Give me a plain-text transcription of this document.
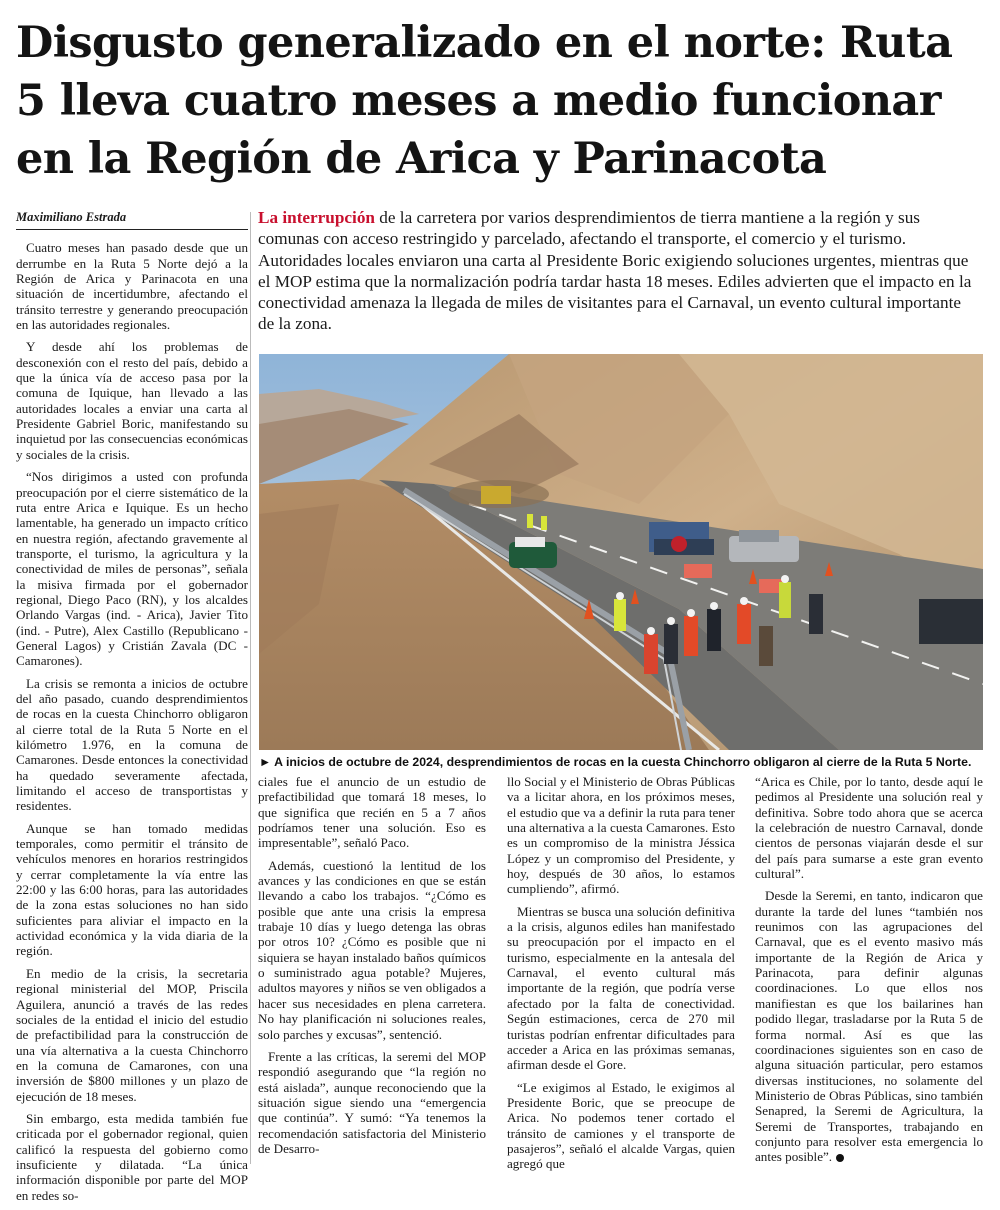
Disgusto generalizado en el norte: Ruta 5 lleva cuatro meses a medio funcionar en la Región de Arica y Parinacota
Maximiliano Estrada

Cuatro meses han pasado desde que un derrumbe en la Ruta 5 Norte dejó a la Región de Arica y Parinacota en una situación de incertidumbre, afectando el tránsito terrestre y generando preocupación en las autoridades regionales.

Y desde ahí los problemas de desconexión con el resto del país, debido a que la única vía de acceso pasa por la comuna de Iquique, han llevado a las autoridades locales a enviar una carta al Presidente Gabriel Boric, manifestando su inquietud por las consecuencias económicas y sociales de la crisis.

“Nos dirigimos a usted con profunda preocupación por el cierre sistemático de la ruta entre Arica e Iquique. Es un hecho lamentable, ha generado un impacto crítico en nuestra región, afectando gravemente al transporte, el turismo, la agricultura y la conectividad de miles de personas”, señala la misiva firmada por el gobernador regional, Diego Paco (RN), y los alcaldes Orlando Vargas (ind. - Arica), Javier Tito (ind. - Putre), Alex Castillo (Republicano - General Lagos) y Cristián Zavala (DC - Camarones).

La crisis se remonta a inicios de octubre del año pasado, cuando desprendimientos de rocas en la cuesta Chinchorro obligaron al cierre total de la Ruta 5 Norte en el kilómetro 1.976, en la comuna de Camarones. Desde entonces la conectividad ha quedado severamente afectada, limitando el acceso de transportistas y residentes.

Aunque se han tomado medidas temporales, como permitir el tránsito de vehículos menores en horarios restringidos y cerrar completamente la vía entre las 22:00 y las 6:00 horas, para las autoridades de la zona estas soluciones no han sido suficientes para aliviar el impacto en la actividad económica y la vida diaria de la región.

En medio de la crisis, la secretaria regional ministerial del MOP, Priscila Aguilera, anunció a través de las redes sociales de la entidad el inicio del estudio de prefactibilidad para la construcción de una vía alternativa a la cuesta Chinchorro en la comuna de Camarones, con una inversión de $800 millones y un plazo de ejecución de 18 meses.

Sin embargo, esta medida también fue criticada por el gobernador regional, quien calificó la respuesta del gobierno como insuficiente y dilatada. “La única información disponible por parte del MOP en redes so-

La interrupción de la carretera por varios desprendimientos de tierra mantiene a la región y sus comunas con acceso restringido y parcelado, afectando el transporte, el comercio y el turismo. Autoridades locales enviaron una carta al Presidente Boric exigiendo soluciones urgentes, mientras que el MOP estima que la normalización podría tardar hasta 18 meses. Ediles advierten que el impacto en la conectividad amenaza la llegada de miles de visitantes para el Carnaval, un evento cultural importante de la zona.

► A inicios de octubre de 2024, desprendimientos de rocas en la cuesta Chinchorro obligaron al cierre de la Ruta 5 Norte.

ciales fue el anuncio de un estudio de prefactibilidad que tomará 18 meses, lo que significa que recién en 5 a 7 años podríamos tener una solución. Eso es impresentable”, señaló Paco.

Además, cuestionó la lentitud de los avances y las condiciones en que se están llevando a cabo los trabajos. “¿Cómo es posible que ante una crisis la empresa trabaje 10 días y luego detenga las obras por otros 10? ¿Cómo es posible que ni siquiera se hayan instalado baños químicos o suministrado agua potable? Mujeres, adultos mayores y niños se ven obligados a hacer sus necesidades en plena carretera. No hay planificación ni soluciones reales, solo parches y excusas”, sentenció.

Frente a las críticas, la seremi del MOP respondió asegurando que “la región no está aislada”, aunque reconociendo que la situación sigue siendo una “emergencia que continúa”. Y sumó: “Ya tenemos la recomendación satisfactoria del Ministerio de Desarro-

llo Social y el Ministerio de Obras Públicas va a licitar ahora, en los próximos meses, el estudio que va a definir la ruta para tener una alternativa a la cuesta Camarones. Esto es un compromiso de la ministra Jéssica López y un compromiso del Presidente, y hoy, después de 30 años, lo estamos cumpliendo”, afirmó.

Mientras se busca una solución definitiva a la crisis, algunos ediles han manifestado su preocupación por el impacto en el turismo, especialmente en la antesala del Carnaval, el evento cultural más importante de la región, que podría verse afectado por la falta de conectividad. Según estimaciones, cerca de 270 mil turistas podrían enfrentar dificultades para acceder a Arica en las próximas semanas, afirman desde el Gore.

“Le exigimos al Estado, le exigimos al Presidente Boric, que se preocupe de Arica. No podemos tener cortado el tránsito de camiones y el transporte de pasajeros”, señaló el alcalde Vargas, quien agregó que

“Arica es Chile, por lo tanto, desde aquí le pedimos al Presidente una solución real y definitiva. Sobre todo ahora que se acerca la celebración de nuestro Carnaval, donde cientos de personas viajarán desde el sur del país para sumarse a este gran evento cultural”.

Desde la Seremi, en tanto, indicaron que durante la tarde del lunes “también nos reunimos con las agrupaciones del Carnaval, que es el evento masivo más importante de la Región de Arica y Parinacota, para definir algunas coordinaciones. Lo que ellos nos manifiestan es que los bailarines han podido llegar, trasladarse por la Ruta 5 de forma normal. Así es que las coordinaciones siguientes son en caso de alguna situación particular, pero estamos diversas instituciones, no solamente del Ministerio de Obras Públicas, sino también Senapred, la Seremi de Agricultura, la Seremi de Transportes, trabajando en conjunto para resolver esta emergencia lo antes posible”.
